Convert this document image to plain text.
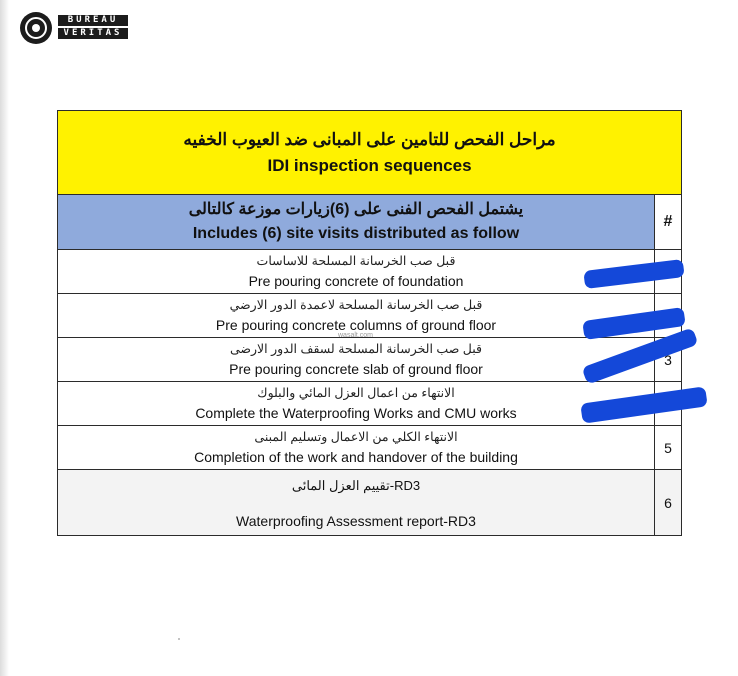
BUREAU
VERITAS
مراحل الفحص للتامين على المبانى ضد العيوب الخفيه
IDI inspection sequences	

يشتمل الفحص الفنى على (6)زيارات موزعة كالتالى
Includes (6) site visits distributed as follow	#

قبل صب الخرسانة المسلحة للاساسات
Pre pouring concrete of foundation

قبل صب الخرسانة المسلحة لاعمدة الدور الارضي
Pre pouring concrete columns of ground floor

قبل صب الخرسانة المسلحة لسقف الدور الارضى
Pre pouring concrete slab of ground floor	3

الانتهاء من اعمال العزل المائي والبلوك
Complete the Waterproofing Works and CMU works

الانتهاء الكلي من الاعمال وتسليم المبنى
Completion of the work and handover of the building	5

RD3-تقييم العزل المائى
Waterproofing Assessment report-RD3	6
wasalt.com
